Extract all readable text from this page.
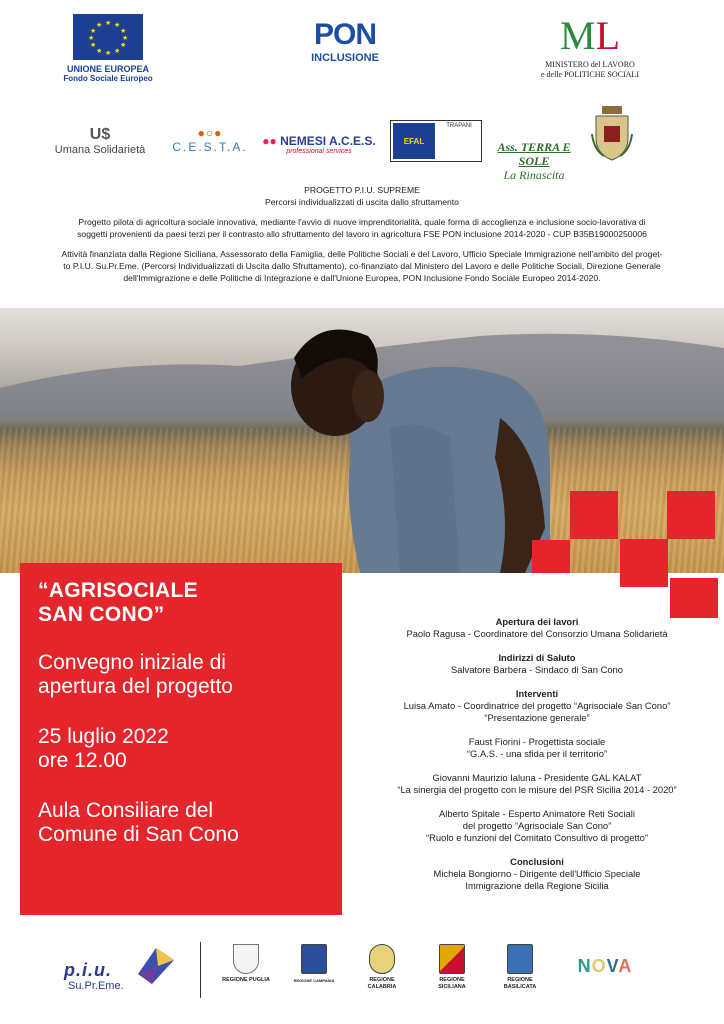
★ ★
★
★
★
★
★
★
★
★
★
★
UNIONE EUROPEA
Fondo Sociale Europeo
PON
INCLUSIONE	ML
MINISTERO del LAVORO
e delle POLITICHE SOCIALI
U$
Umana Solidarietà
●○●
C.E.S.T.A.	●● NEMESI A.C.E.S.
professional services
EFAL
TRAPANI
Ass. TERRA E SOLE
La Rinascita
PROGETTO P.I.U. SUPREME
Percorsi individualizzati di uscita dallo sfruttamento
Progetto pilota di agricoltura sociale innovativa, mediante l'avvio di nuove imprenditorialità, quale forma di accoglienza e inclusione socio-lavorativa di
soggetti provenienti da paesi terzi per il contrasto allo sfruttamento del lavoro in agricoltura FSE PON inclusione 2014-2020 - CUP B35B19000250006
Attività finanziata dalla Regione Siciliana, Assessorato della Famiglia, delle Politiche Sociali e del Lavoro, Ufficio Speciale Immigrazione nell'ambito del proget-
to P.I.U. Su.Pr.Eme. (Percorsi Individualizzati di Uscita dallo Sfruttamento), co-finanziato dal Ministero del Lavoro e delle Politiche Sociali, Direzione Generale
dell'Immigrazione e delle Politiche di Integrazione e dall'Unione Europea, PON Inclusione Fondo Sociale Europeo 2014-2020.
“AGRISOCIALE
SAN CONO”
Convegno iniziale di
apertura del progetto
25 luglio 2022
ore 12.00
Aula Consiliare del
Comune di San Cono
Apertura dei lavori
Paolo Ragusa - Coordinatore del Consorzio Umana Solidarietà
Indirizzi di Saluto
Salvatore Barbera - Sindaco di San Cono
Interventi
Luisa Amato - Coordinatrice del progetto “Agrisociale San Cono”
“Presentazione generale”
Faust Fiorini - Progettista sociale
“G.A.S. - una sfida per il territorio”
Giovanni Maurizio Ialuna - Presidente GAL KALAT
“La sinergia del progetto con le misure del PSR Sicilia 2014 - 2020”
Alberto Spitale - Esperto Animatore Reti Sociali
del progetto “Agrisociale San Cono”
“Ruolo e funzioni del Comitato Consultivo di progetto”
Conclusioni
Michela Bongiorno - Dirigente dell'Ufficio Speciale
Immigrazione della Regione Sicilia
p.i.u.
Su.Pr.Eme.	REGIONE PUGLIA	REGIONE CAMPANIA	REGIONE CALABRIA
REGIONE SICILIANA
REGIONE BASILICATA
NOVA
